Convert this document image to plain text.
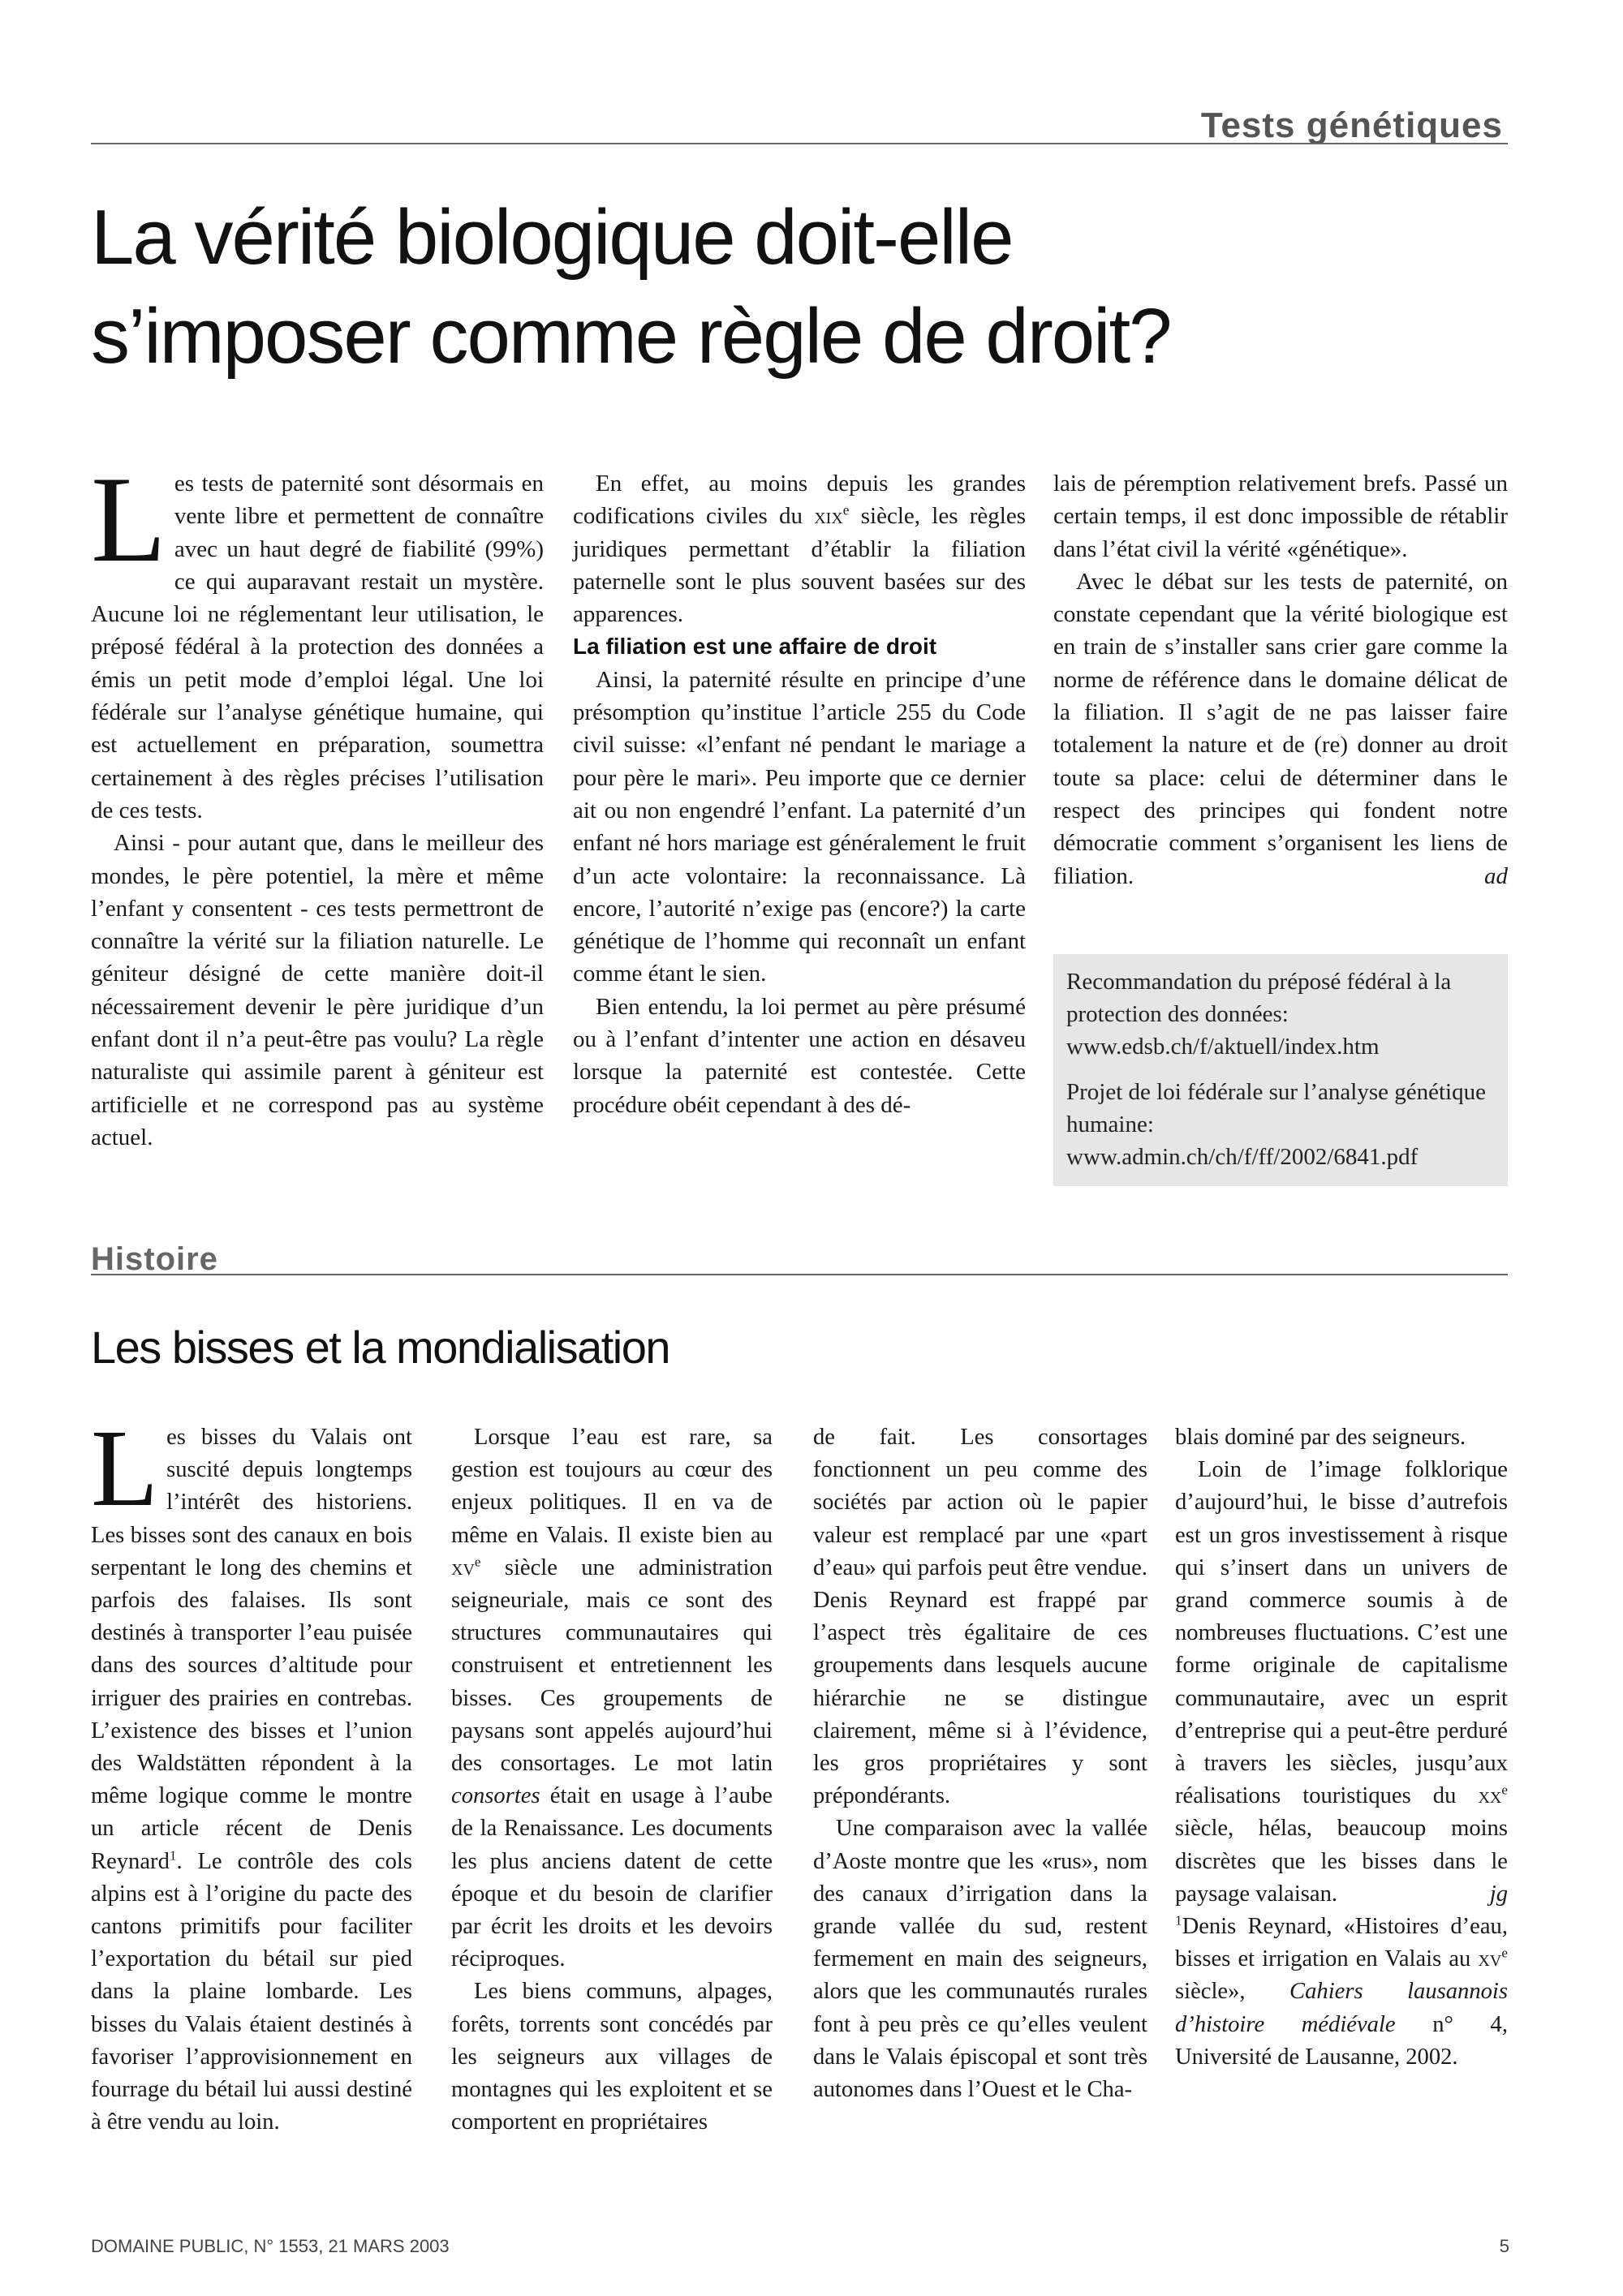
Tests génétiques
La vérité biologique doit-elle
s’imposer comme règle de droit?
L es tests de paternité sont désormais en vente libre et permettent de connaître avec un haut degré de fiabilité (99%) ce qui auparavant restait un mystère. Aucune loi ne réglementant leur utilisation, le préposé fédéral à la protection des données a émis un petit mode d’emploi légal. Une loi fédérale sur l’analyse génétique humaine, qui est actuellement en préparation, soumettra certainement à des règles précises l’utilisation de ces tests.

Ainsi - pour autant que, dans le meilleur des mondes, le père potentiel, la mère et même l’enfant y consentent - ces tests permettront de connaître la vérité sur la filiation naturelle. Le géniteur désigné de cette manière doit-il nécessairement devenir le père juridique d’un enfant dont il n’a peut-être pas voulu? La règle naturaliste qui assimile parent à géniteur est artificielle et ne correspond pas au système actuel.

En effet, au moins depuis les grandes codifications civiles du xix$^e$ siècle, les règles juridiques permettant d’établir la filiation paternelle sont le plus souvent basées sur des apparences.

La filiation est une affaire de droit

Ainsi, la paternité résulte en principe d’une présomption qu’institue l’article 255 du Code civil suisse: «l’enfant né pendant le mariage a pour père le mari». Peu importe que ce dernier ait ou non engendré l’enfant. La paternité d’un enfant né hors mariage est généralement le fruit d’un acte volontaire: la reconnaissance. Là encore, l’autorité n’exige pas (encore?) la carte génétique de l’homme qui reconnaît un enfant comme étant le sien.

Bien entendu, la loi permet au père présumé ou à l’enfant d’intenter une action en désaveu lorsque la paternité est contestée. Cette procédure obéit cependant à des dé-

lais de péremption relativement brefs. Passé un certain temps, il est donc impossible de rétablir dans l’état civil la vérité «génétique».

Avec le débat sur les tests de paternité, on constate cependant que la vérité biologique est en train de s’installer sans crier gare comme la norme de référence dans le domaine délicat de la filiation. Il s’agit de ne pas laisser faire totalement la nature et de (re) donner au droit toute sa place: celui de déterminer dans le respect des principes qui fondent notre démocratie comment s’organisent les liens de filiation.	ad

Recommandation du préposé fédéral à la protection des données:
www.edsb.ch/f/aktuell/index.htm

Projet de loi fédérale sur l’analyse génétique humaine:
www.admin.ch/ch/f/ff/2002/6841.pdf

Histoire
Les bisses et la mondialisation
L es bisses du Valais ont suscité depuis longtemps l’intérêt des historiens. Les bisses sont des canaux en bois serpentant le long des chemins et parfois des falaises. Ils sont destinés à transporter l’eau puisée dans des sources d’altitude pour irriguer des prairies en contrebas. L’existence des bisses et l’union des Waldstätten répondent à la même logique comme le montre un article récent de Denis Reynard$^1$. Le contrôle des cols alpins est à l’origine du pacte des cantons primitifs pour faciliter l’exportation du bétail sur pied dans la plaine lombarde. Les bisses du Valais étaient destinés à favoriser l’approvisionnement en fourrage du bétail lui aussi destiné à être vendu au loin.

Lorsque l’eau est rare, sa gestion est toujours au cœur des enjeux politiques. Il en va de même en Valais. Il existe bien au $xv^e$ siècle une administration seigneuriale, mais ce sont des structures communautaires qui construisent et entretiennent les bisses. Ces groupements de paysans sont appelés aujourd’hui des consortages. Le mot latin consortes était en usage à l’aube de la Renaissance. Les documents les plus anciens datent de cette époque et du besoin de clarifier par écrit les droits et les devoirs réciproques.

Les biens communs, alpages, forêts, torrents sont concédés par les seigneurs aux villages de montagnes qui les exploitent et se comportent en propriétaires

de fait. Les consortages fonctionnent un peu comme des sociétés par action où le papier valeur est remplacé par une «part d’eau» qui parfois peut être vendue. Denis Reynard est frappé par l’aspect très égalitaire de ces groupements dans lesquels aucune hiérarchie ne se distingue clairement, même si à l’évidence, les gros propriétaires y sont prépondérants.

Une comparaison avec la vallée d’Aoste montre que les «rus», nom des canaux d’irrigation dans la grande vallée du sud, restent fermement en main des seigneurs, alors que les communautés rurales font à peu près ce qu’elles veulent dans le Valais épiscopal et sont très autonomes dans l’Ouest et le Cha-

blais dominé par des seigneurs.

Loin de l’image folklorique d’aujourd’hui, le bisse d’autrefois est un gros investissement à risque qui s’insert dans un univers de grand commerce soumis à de nombreuses fluctuations. C’est une forme originale de capitalisme communautaire, avec un esprit d’entreprise qui a peut-être perduré à travers les siècles, jusqu’aux réalisations touristiques du $xx^e$ siècle, hélas, beaucoup moins discrètes que les bisses dans le paysage valaisan.	jg

$^1$Denis Reynard, «Histoires d’eau, bisses et irrigation en Valais au $xv^e$ siècle», Cahiers lausannois d’histoire médiévale n° 4, Université de Lausanne, 2002.

DOMAINE PUBLIC, N° 1553, 21 MARS 2003	5
